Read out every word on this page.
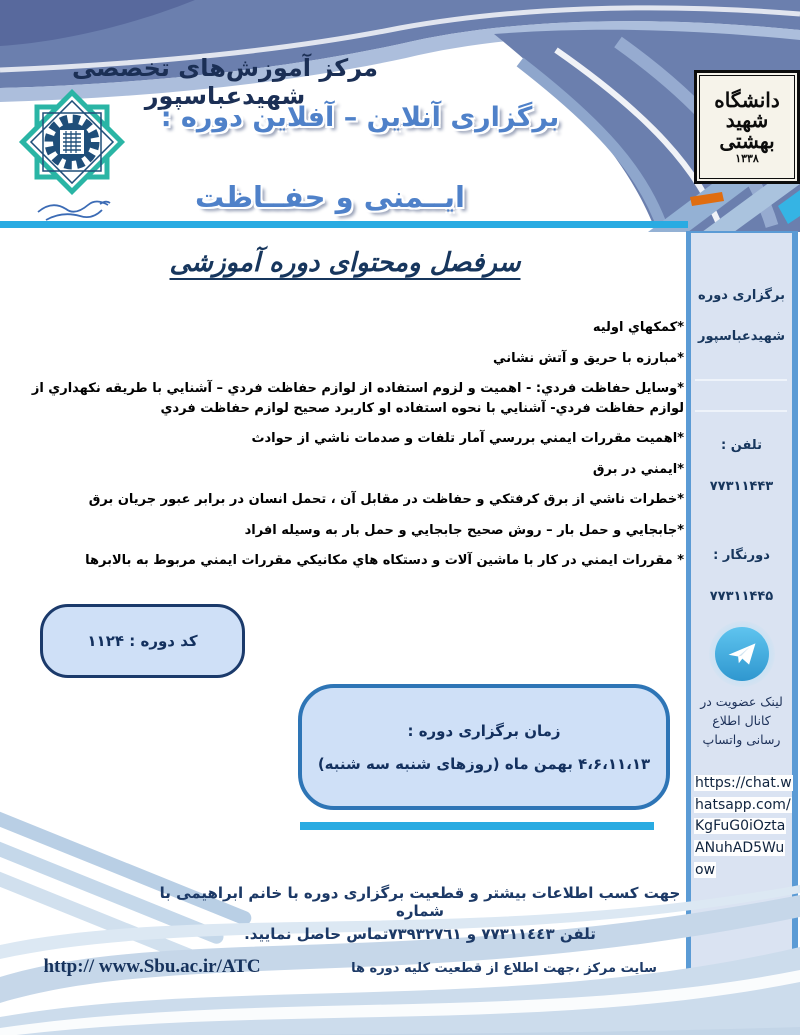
مرکز آموزش‌های تخصصی شهیدعباسپور
برگزاری آنلاین – آفلاین دوره :
ایــمنی و حفــاظت
دانشگاه
شهید
بهشتی
۱۳۳۸
سرفصل ومحتوای دوره آموزشی
*كمكهاي اوليه
*مبارزه با حريق و آتش نشاني
*وسايل حفاظت فردي: - اهميت و لزوم استفاده از لوازم حفاظت فردي – آشنايي با طريقه نكهداري از لوازم حفاظت فردي- آشنايي با نحوه استفاده او كاربرد صحيح لوازم حفاظت فردي
*اهميت مقررات ايمني بررسي آمار تلفات و صدمات ناشي از حوادث
*ايمني در برق
*خطرات ناشي از برق كرفتكي و حفاظت در مقابل آن ، تحمل انسان در برابر عبور جريان برق
*جابجايي و حمل بار – روش صحيح جابجايي و حمل بار به وسيله افراد
* مقررات ايمني در كار با ماشين آلات و دستكاه هاي مكانيكي مقررات ايمني مربوط به بالابرها
کد دوره : ۱۱۲۴
زمان برگزاری دوره :
۴،۶،۱۱،۱۳ بهمن ماه (روزهای شنبه سه شنبه)
جهت کسب اطلاعات بیشتر و قطعیت برگزاری دوره با خانم ابراهیمی با شماره
تلفن ٧٧٣١١٤٤٣ و ٧٣٩٣٢٧٦١تماس حاصل نمایید.
سایت مرکز ،جهت اطلاع از قطعیت کلیه دوره ها
http:// www.Sbu.ac.ir/ATC
برگزاری دوره
شهیدعباسپور
تلفن :
۷۷۳۱۱۴۴۳
دورنگار :
۷۷۳۱۱۴۴۵
لینک عضویت در کانال اطلاع رسانی واتساپ
https://chat.whatsapp.com/KgFuG0iOztaANuhAD5Wuow
